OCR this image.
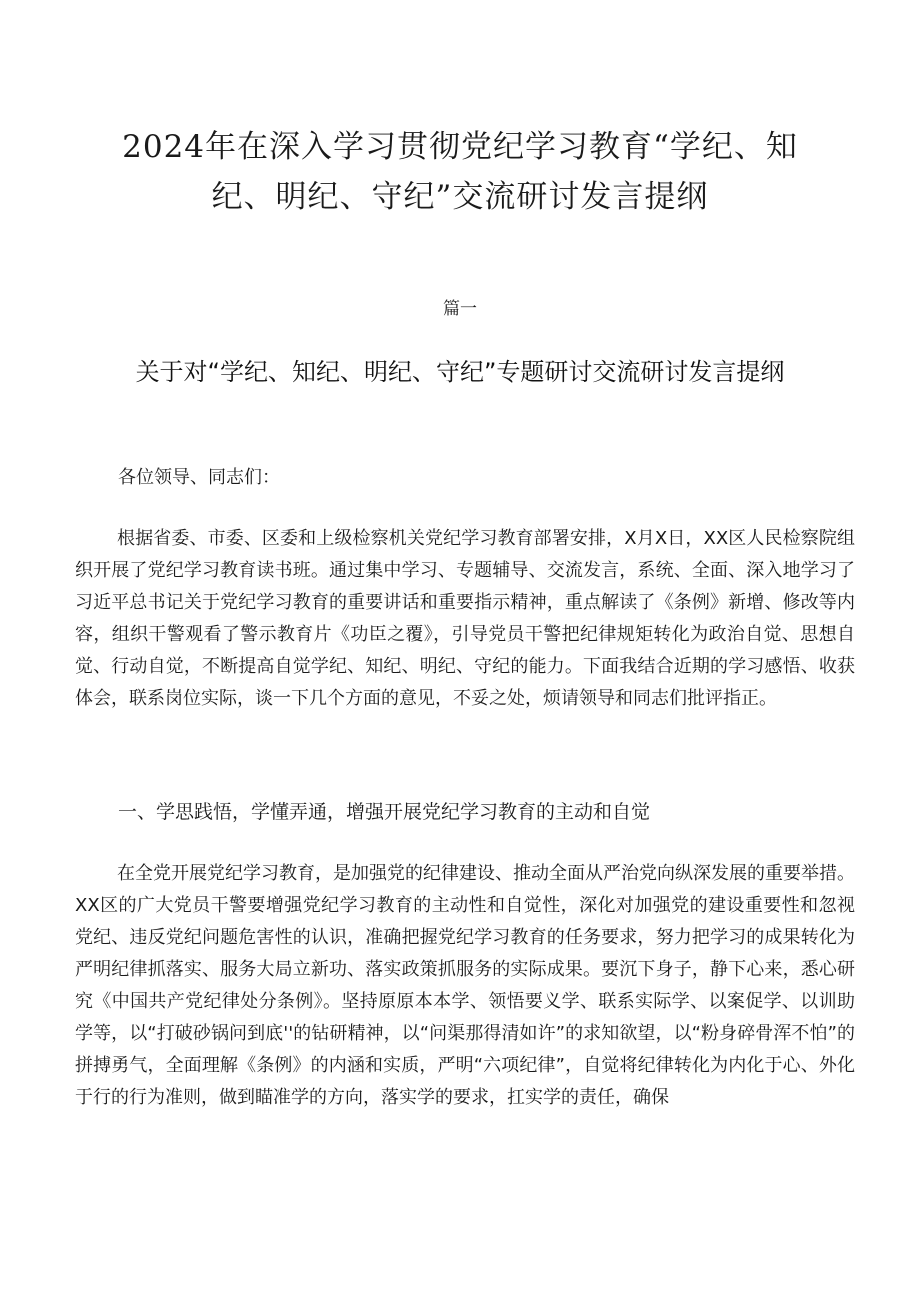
2024年在深入学习贯彻党纪学习教育“学纪、知纪、明纪、守纪”交流研讨发言提纲
篇一
关于对“学纪、知纪、明纪、守纪”专题研讨交流研讨发言提纲

各位领导、同志们：

根据省委、市委、区委和上级检察机关党纪学习教育部署安排，X月X日，XX区人民检察院组织开展了党纪学习教育读书班。通过集中学习、专题辅导、交流发言，系统、全面、深入地学习了习近平总书记关于党纪学习教育的重要讲话和重要指示精神，重点解读了《条例》新增、修改等内容，组织干警观看了警示教育片《功臣之覆》，引导党员干警把纪律规矩转化为政治自觉、思想自觉、行动自觉，不断提高自觉学纪、知纪、明纪、守纪的能力。下面我结合近期的学习感悟、收获体会，联系岗位实际，谈一下几个方面的意见，不妥之处，烦请领导和同志们批评指正。

一、学思践悟，学懂弄通，增强开展党纪学习教育的主动和自觉

在全党开展党纪学习教育，是加强党的纪律建设、推动全面从严治党向纵深发展的重要举措。XX区的广大党员干警要增强党纪学习教育的主动性和自觉性，深化对加强党的建设重要性和忽视党纪、违反党纪问题危害性的认识，准确把握党纪学习教育的任务要求，努力把学习的成果转化为严明纪律抓落实、服务大局立新功、落实政策抓服务的实际成果。要沉下身子，静下心来，悉心研究《中国共产党纪律处分条例》。坚持原原本本学、领悟要义学、联系实际学、以案促学、以训助学等，以“打破砂锅问到底''的钻研精神，以“问渠那得清如许”的求知欲望，以“粉身碎骨浑不怕”的拼搏勇气，全面理解《条例》的内涵和实质，严明“六项纪律”，自觉将纪律转化为内化于心、外化于行的行为准则，做到瞄准学的方向，落实学的要求，扛实学的责任，确保
